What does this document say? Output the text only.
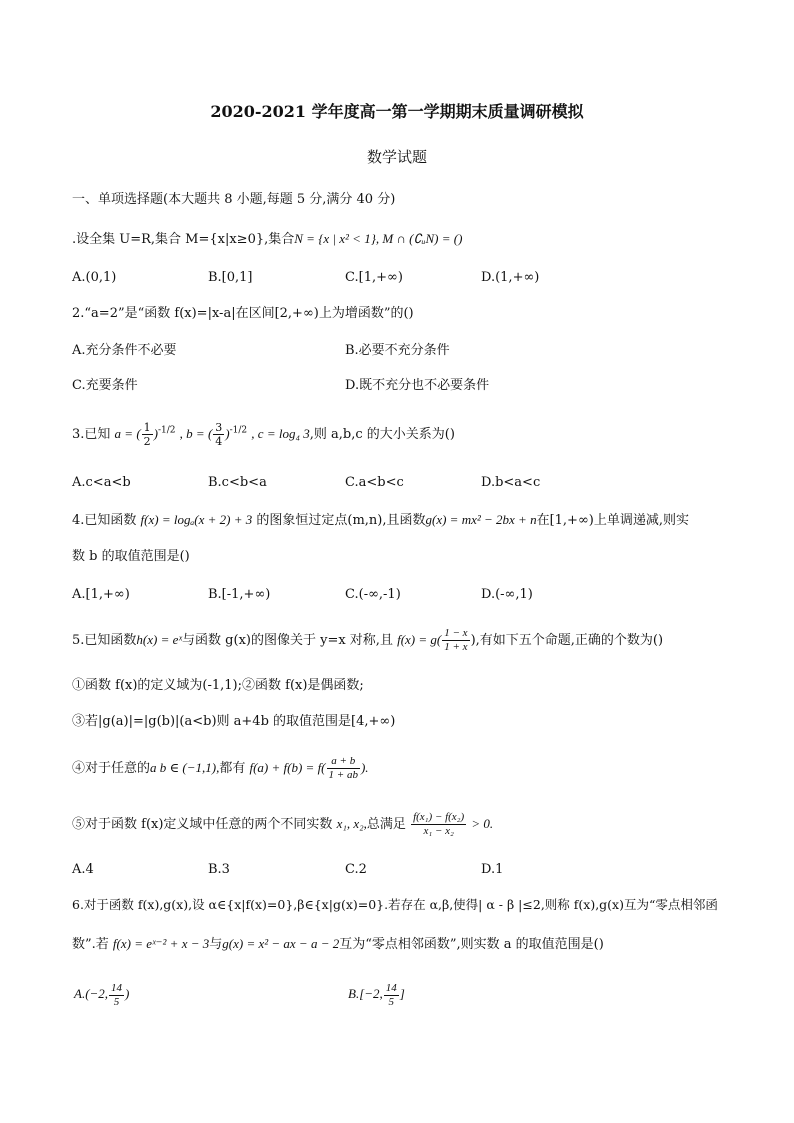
2020-2021 学年度高一第一学期期末质量调研模拟
数学试题
一、单项选择题(本大题共 8 小题,每题 5 分,满分 40 分)
.设全集 U=R,集合 M={x|x≥0},集合N = {x | x² < 1}, M ∩ (∁ᵤN) = ()
A.(0,1)	B.[0,1]	C.[1,+∞)	D.(1,+∞)
2.“a=2”是“函数 f(x)=|x-a|在区间[2,+∞)上为增函数”的()
A.充分条件不必要	B.必要不充分条件
C.充要条件	D.既不充分也不必要条件
3.已知 a = ( $\frac{1}{2} )^{-1/2}$ , b = ( $\frac{3}{4} )^{-1/2}$ , c = log₄ 3,则 a,b,c 的大小关系为()
A.c<a<b	B.c<b<a	C.a<b<c	D.b<a<c
4.已知函数 f(x) = logₐ(x + 2) + 3 的图象恒过定点(m,n),且函数g(x) = mx² − 2bx + n在[1,+∞)上单调递减,则实
数 b 的取值范围是()
A.[1,+∞)	B.[-1,+∞)	C.(-∞,-1)	D.(-∞,1)
5.已知函数h(x) = eˣ与函数 g(x)的图像关于 y=x 对称,且 $f(x) = g( \frac{1 - x}{1 + x}$ ),有如下五个命题,正确的个数为()
①函数 f(x)的定义域为(-1,1);②函数 f(x)是偶函数;
③若|g(a)|=|g(b)|(a<b)则 a+4b 的取值范围是[4,+∞)
④对于任意的a b ∈ (−1,1),都有 $f(a) + f(b) = f( \frac{a + b}{1 + ab}$ ).
⑤对于函数 f(x)定义域中任意的两个不同实数 x₁, x₂,总满足 $\frac{\text{f(x₁) − f(x₂)}}{\text{x₁ − x₂}} > 0$.
A.4	B.3	C.2	D.1
6.对于函数 f(x),g(x),设 α∈{x|f(x)=0},β∈{x|g(x)=0}.若存在 α,β,使得| α - β |≤2,则称 f(x),g(x)互为“零点相邻函
数”.若 f(x) = eˣ⁻² + x − 3与g(x) = x² − ax − a − 2互为“零点相邻函数”,则实数 a 的取值范围是()
A.(−2, $\frac{14}{5}$ )	B.[−2, $\frac{14}{5}$ ]
